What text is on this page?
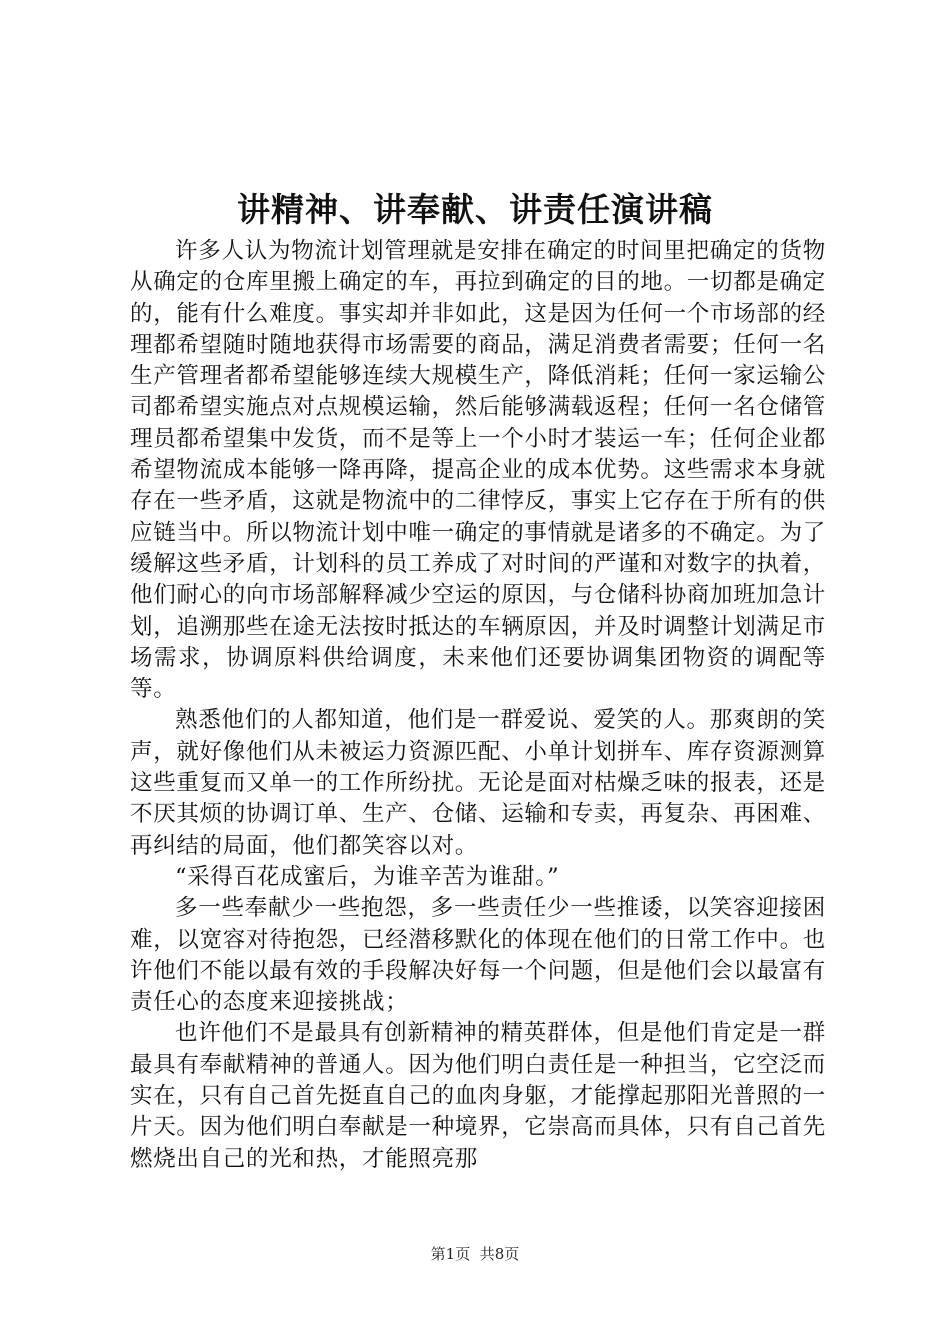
讲精神、讲奉献、讲责任演讲稿

许多人认为物流计划管理就是安排在确定的时间里把确定的货物从确定的仓库里搬上确定的车，再拉到确定的目的地。一切都是确定的，能有什么难度。事实却并非如此，这是因为任何一个市场部的经理都希望随时随地获得市场需要的商品，满足消费者需要；任何一名生产管理者都希望能够连续大规模生产，降低消耗；任何一家运输公司都希望实施点对点规模运输，然后能够满载返程；任何一名仓储管理员都希望集中发货，而不是等上一个小时才装运一车；任何企业都希望物流成本能够一降再降，提高企业的成本优势。这些需求本身就存在一些矛盾，这就是物流中的二律悖反，事实上它存在于所有的供应链当中。所以物流计划中唯一确定的事情就是诸多的不确定。为了缓解这些矛盾，计划科的员工养成了对时间的严谨和对数字的执着，他们耐心的向市场部解释减少空运的原因，与仓储科协商加班加急计划，追溯那些在途无法按时抵达的车辆原因，并及时调整计划满足市场需求，协调原料供给调度，未来他们还要协调集团物资的调配等等。

熟悉他们的人都知道，他们是一群爱说、爱笑的人。那爽朗的笑声，就好像他们从未被运力资源匹配、小单计划拼车、库存资源测算这些重复而又单一的工作所纷扰。无论是面对枯燥乏味的报表，还是不厌其烦的协调订单、生产、仓储、运输和专卖，再复杂、再困难、再纠结的局面，他们都笑容以对。

“采得百花成蜜后，为谁辛苦为谁甜。”

多一些奉献少一些抱怨，多一些责任少一些推诿，以笑容迎接困难，以宽容对待抱怨，已经潜移默化的体现在他们的日常工作中。也许他们不能以最有效的手段解决好每一个问题，但是他们会以最富有责任心的态度来迎接挑战；

也许他们不是最具有创新精神的精英群体，但是他们肯定是一群最具有奉献精神的普通人。因为他们明白责任是一种担当，它空泛而实在，只有自己首先挺直自己的血肉身躯，才能撑起那阳光普照的一片天。因为他们明白奉献是一种境界，它崇高而具体，只有自己首先燃烧出自己的光和热，才能照亮那

第1页 共8页
